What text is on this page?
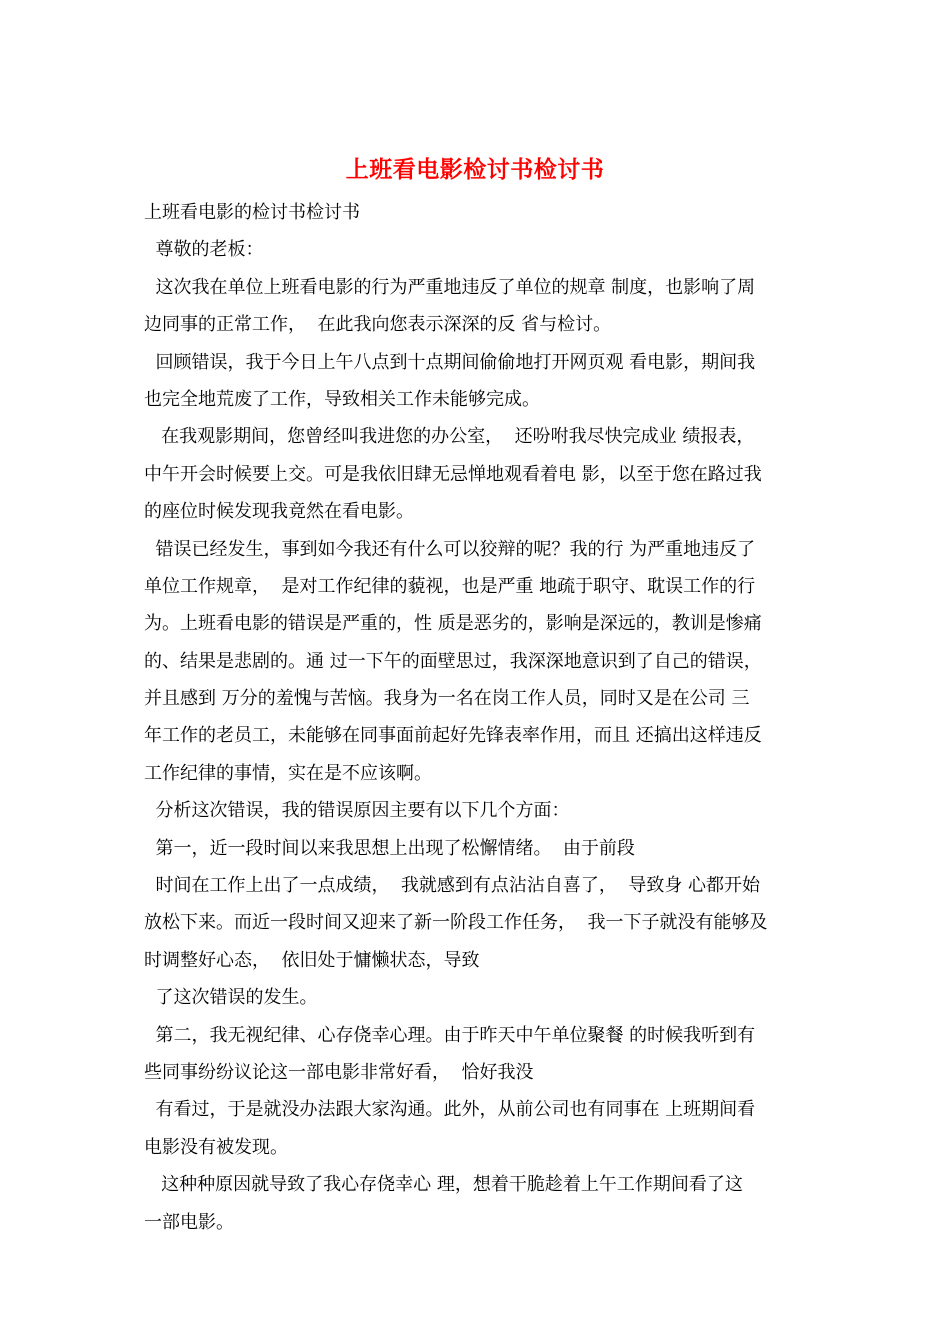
上班看电影检讨书检讨书
上班看电影的检讨书检讨书
尊敬的老板：
这次我在单位上班看电影的行为严重地违反了单位的规章 制度，也影响了周
边同事的正常工作，  在此我向您表示深深的反 省与检讨。
回顾错误，我于今日上午八点到十点期间偷偷地打开网页观 看电影，期间我
也完全地荒废了工作，导致相关工作未能够完成。
在我观影期间，您曾经叫我进您的办公室，  还吩咐我尽快完成业 绩报表，
中午开会时候要上交。可是我依旧肆无忌惮地观看着电 影，以至于您在路过我
的座位时候发现我竟然在看电影。
错误已经发生，事到如今我还有什么可以狡辩的呢？我的行 为严重地违反了
单位工作规章，  是对工作纪律的藐视，也是严重 地疏于职守、耽误工作的行
为。上班看电影的错误是严重的，性 质是恶劣的，影响是深远的，教训是惨痛
的、结果是悲剧的。通 过一下午的面壁思过，我深深地意识到了自己的错误，
并且感到 万分的羞愧与苦恼。我身为一名在岗工作人员，同时又是在公司 三
年工作的老员工，未能够在同事面前起好先锋表率作用，而且 还搞出这样违反
工作纪律的事情，实在是不应该啊。
分析这次错误，我的错误原因主要有以下几个方面：
第一，近一段时间以来我思想上出现了松懈情绪。  由于前段
时间在工作上出了一点成绩，  我就感到有点沾沾自喜了，  导致身 心都开始
放松下来。而近一段时间又迎来了新一阶段工作任务，  我一下子就没有能够及
时调整好心态，  依旧处于慵懒状态，导致
了这次错误的发生。
第二，我无视纪律、心存侥幸心理。由于昨天中午单位聚餐 的时候我听到有
些同事纷纷议论这一部电影非常好看，  恰好我没
有看过，于是就没办法跟大家沟通。此外，从前公司也有同事在 上班期间看
电影没有被发现。
这种种原因就导致了我心存侥幸心 理，想着干脆趁着上午工作期间看了这
一部电影。
